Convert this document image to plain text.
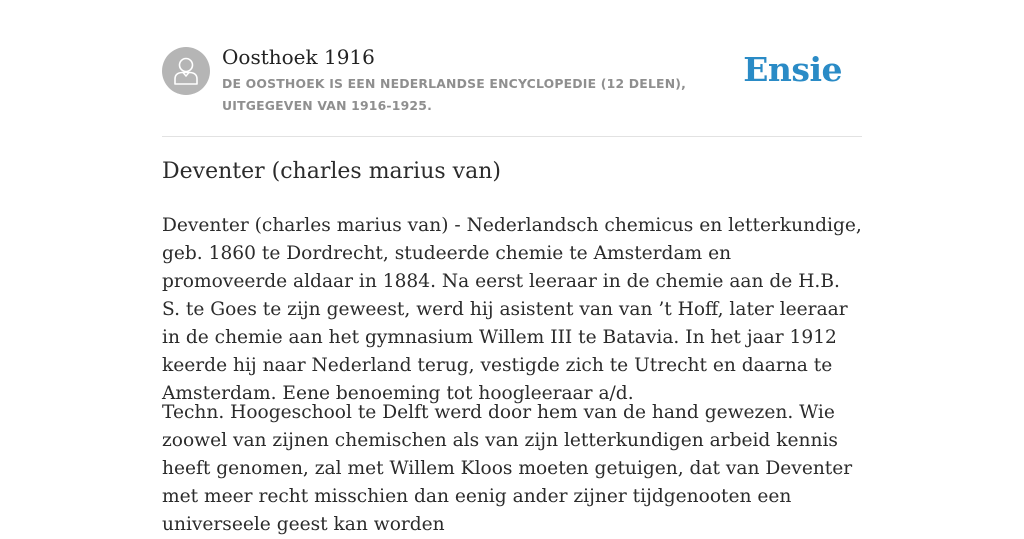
Oosthoek 1916
DE OOSTHOEK IS EEN NEDERLANDSE ENCYCLOPEDIE (12 DELEN), UITGEGEVEN VAN 1916-1925.
Ensie
Deventer (charles marius van)

Deventer (charles marius van) - Nederlandsch chemicus en letterkundige, geb. 1860 te Dordrecht, studeerde chemie te Amsterdam en promoveerde aldaar in 1884. Na eerst leeraar in de chemie aan de H.B. S. te Goes te zijn geweest, werd hij asistent van van ’t Hoff, later leeraar in de chemie aan het gymnasium Willem III te Batavia. In het jaar 1912 keerde hij naar Nederland terug, vestigde zich te Utrecht en daarna te Amsterdam. Eene benoeming tot hoogleeraar a/d.

Techn. Hoogeschool te Delft werd door hem van de hand gewezen. Wie zoowel van zijnen chemischen als van zijn letterkundigen arbeid kennis heeft genomen, zal met Willem Kloos moeten getuigen, dat van Deventer met meer recht misschien dan eenig ander zijner tijdgenooten een universeele geest kan worden
